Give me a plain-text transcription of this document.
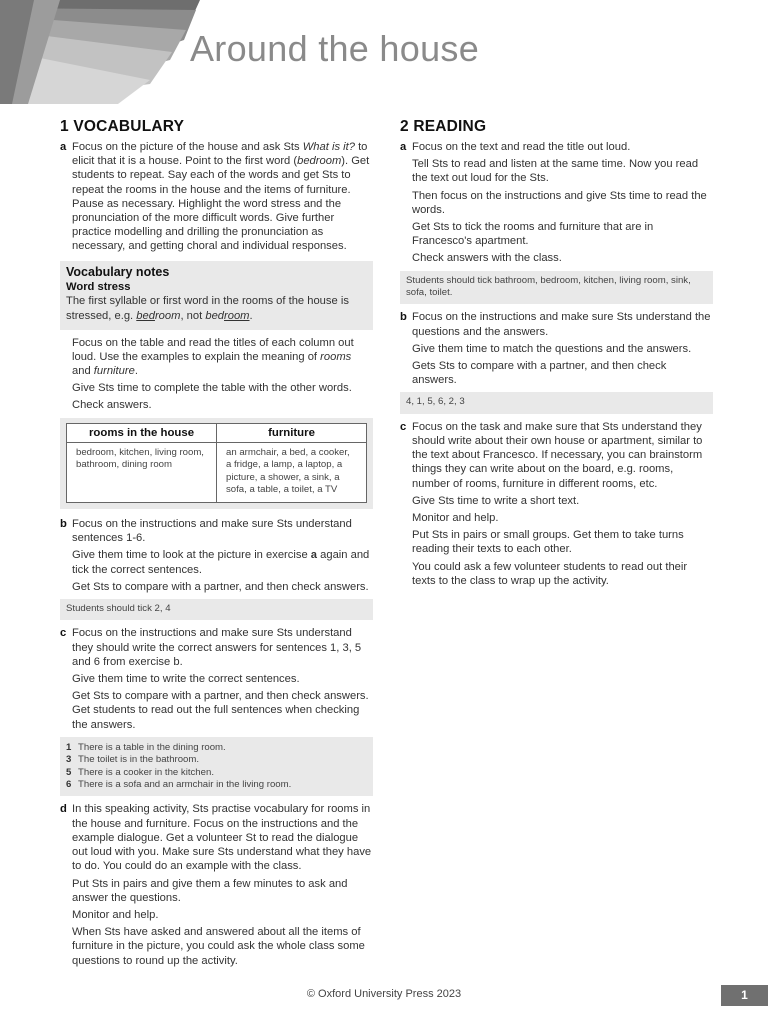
Around the house
1 VOCABULARY
a Focus on the picture of the house and ask Sts What is it? to elicit that it is a house. Point to the first word (bedroom). Get students to repeat. Say each of the words and get Sts to repeat the rooms in the house and the items of furniture. Pause as necessary. Highlight the word stress and the pronunciation of the more difficult words. Give further practice modelling and drilling the pronunciation as necessary, and getting choral and individual responses.

Vocabulary notes
Word stress
The first syllable or first word in the rooms of the house is stressed, e.g. bedroom, not bedroom.

Focus on the table and read the titles of each column out loud. Use the examples to explain the meaning of rooms and furniture.

Give Sts time to complete the table with the other words.

Check answers.

rooms in the house	furniture
bedroom, kitchen, living room, bathroom, dining room	an armchair, a bed, a cooker, a fridge, a lamp, a laptop, a picture, a shower, a sink, a sofa, a table, a toilet, a TV
b Focus on the instructions and make sure Sts understand sentences 1-6.

Give them time to look at the picture in exercise a again and tick the correct sentences.

Get Sts to compare with a partner, and then check answers.

Students should tick 2, 4
c Focus on the instructions and make sure Sts understand they should write the correct answers for sentences 1, 3, 5 and 6 from exercise b.

Give them time to write the correct sentences.

Get Sts to compare with a partner, and then check answers. Get students to read out the full sentences when checking the answers.

1 There is a table in the dining room.
3 The toilet is in the bathroom.
5 There is a cooker in the kitchen.
6 There is a sofa and an armchair in the living room.
d In this speaking activity, Sts practise vocabulary for rooms in the house and furniture. Focus on the instructions and the example dialogue. Get a volunteer St to read the dialogue out loud with you. Make sure Sts understand what they have to do. You could do an example with the class.

Put Sts in pairs and give them a few minutes to ask and answer the questions.

Monitor and help.

When Sts have asked and answered about all the items of furniture in the picture, you could ask the whole class some questions to round up the activity.

2 READING
a Focus on the text and read the title out loud.

Tell Sts to read and listen at the same time. Now you read the text out loud for the Sts.

Then focus on the instructions and give Sts time to read the words.

Get Sts to tick the rooms and furniture that are in Francesco's apartment.

Check answers with the class.

Students should tick bathroom, bedroom, kitchen, living room, sink, sofa, toilet.
b Focus on the instructions and make sure Sts understand the questions and the answers.

Give them time to match the questions and the answers.

Gets Sts to compare with a partner, and then check answers.

4, 1, 5, 6, 2, 3
c Focus on the task and make sure that Sts understand they should write about their own house or apartment, similar to the text about Francesco. If necessary, you can brainstorm things they can write about on the board, e.g. rooms, number of rooms, furniture in different rooms, etc.

Give Sts time to write a short text.

Monitor and help.

Put Sts in pairs or small groups. Get them to take turns reading their texts to each other.

You could ask a few volunteer students to read out their texts to the class to wrap up the activity.

© Oxford University Press 2023	1
